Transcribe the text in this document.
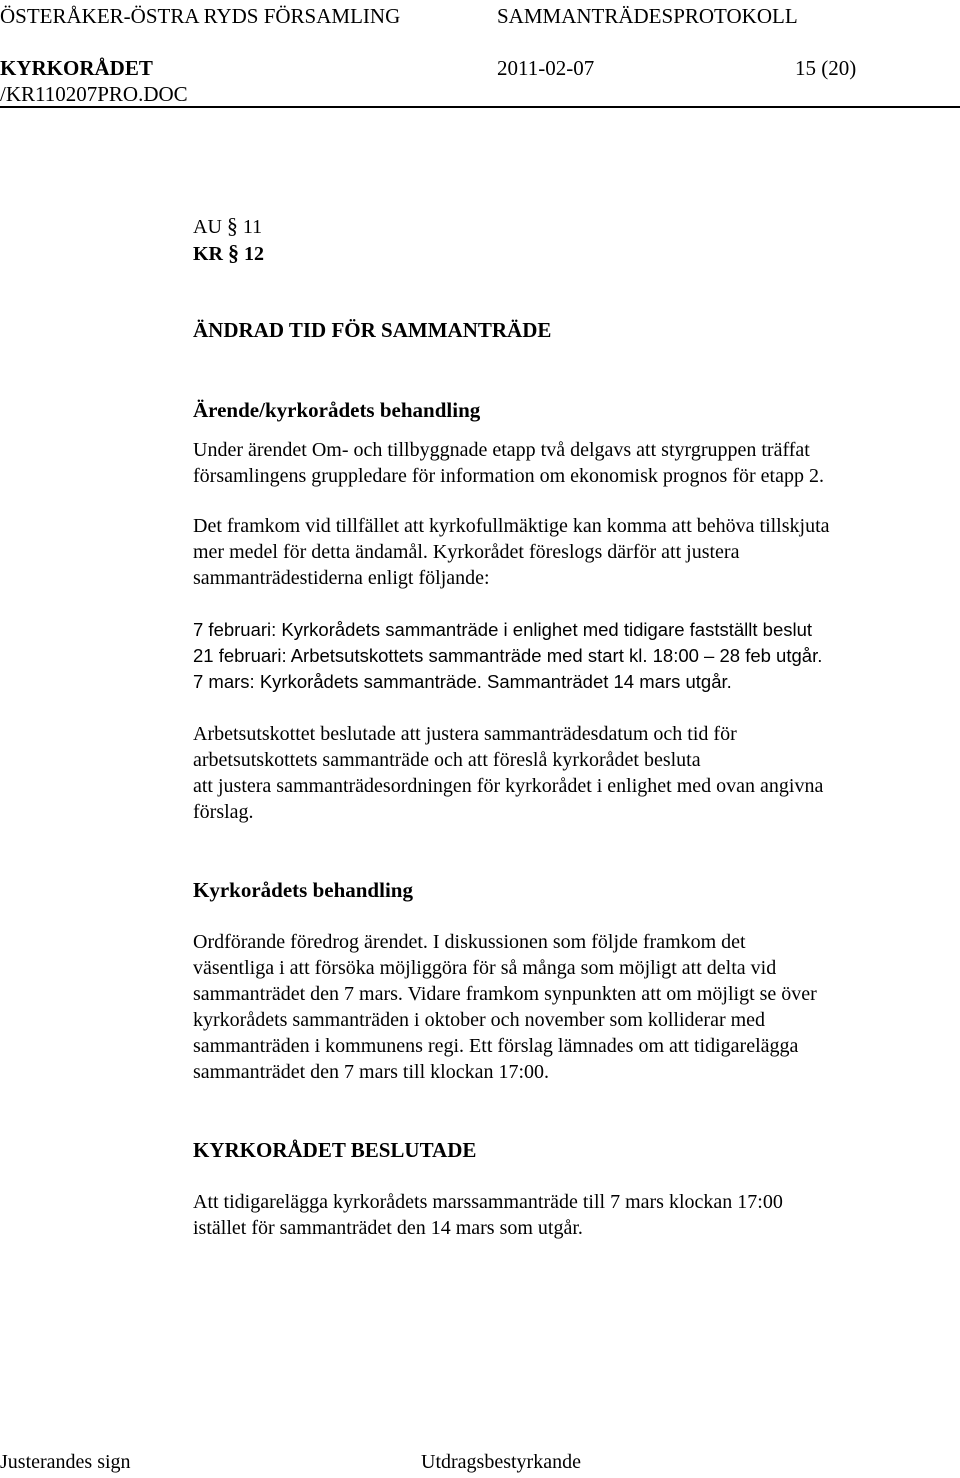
ÖSTERÅKER-ÖSTRA RYDS FÖRSAMLING	SAMMANTRÄDESPROTOKOLL
KYRKORÅDET	2011-02-07	15 (20)
/KR110207PRO.DOC

AU § 11

KR § 12

ÄNDRAD TID FÖR SAMMANTRÄDE

Ärende/kyrkorådets behandling

Under ärendet Om- och tillbyggnade etapp två delgavs att styrgruppen träffat

församlingens gruppledare för information om ekonomisk prognos för etapp 2.

Det framkom vid tillfället att kyrkofullmäktige kan komma att behöva tillskjuta

mer medel för detta ändamål. Kyrkorådet föreslogs därför att justera

sammanträdestiderna enligt följande:

7 februari: Kyrkorådets sammanträde i enlighet med tidigare fastställt beslut

21 februari: Arbetsutskottets sammanträde med start kl. 18:00 – 28 feb utgår.

7 mars: Kyrkorådets sammanträde. Sammanträdet 14 mars utgår.

Arbetsutskottet beslutade att justera sammanträdesdatum och tid för

arbetsutskottets sammanträde och att föreslå kyrkorådet besluta

att justera sammanträdesordningen för kyrkorådet i enlighet med ovan angivna

förslag.

Kyrkorådets behandling

Ordförande föredrog ärendet. I diskussionen som följde framkom det

väsentliga i att försöka möjliggöra för så många som möjligt att delta vid

sammanträdet den 7 mars. Vidare framkom synpunkten att om möjligt se över

kyrkorådets sammanträden i oktober och november som kolliderar med

sammanträden i kommunens regi. Ett förslag lämnades om att tidigarelägga

sammanträdet den 7 mars till klockan 17:00.

KYRKORÅDET BESLUTADE

Att tidigarelägga kyrkorådets marssammanträde till 7 mars klockan 17:00

istället för sammanträdet den 14 mars som utgår.

Justerandes sign	Utdragsbestyrkande
